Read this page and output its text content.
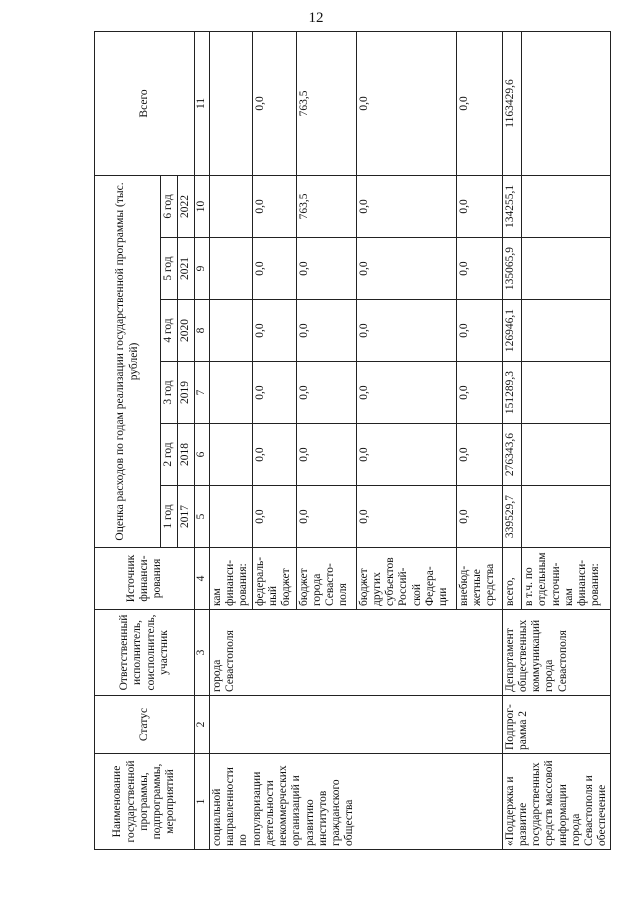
12
Наименование государственной программы, подпрограммы, мероприятий	Статус	Ответственный исполнитель, соисполнитель, участник	Источник финанси-рования	Оценка расходов по годам реализации государственной программы (тыс. рублей)						Всего
				1 год	2 год	3 год	4 год	5 год	6 год	
				2017	2018	2019	2020	2021	2022	
1	2	3	4	5	6	7	8	9	10	11
социальной направленности по популяризации деятельности некоммерческих организаций и развитию институтов гражданского общества		города Севастополя	кам финанси-рования:							
			федераль-ный бюджет	0,0	0,0	0,0	0,0	0,0	0,0	0,0
			бюджет города Севасто-поля	0,0	0,0	0,0	0,0	0,0	763,5	763,5
			бюджет других субъектов Россий-ской Федера-ции	0,0	0,0	0,0	0,0	0,0	0,0	0,0
			внебюд-жетные средства	0,0	0,0	0,0	0,0	0,0	0,0	0,0
«Поддержка и развитие государственных средств массовой информации города Севастополя и обеспечение	Подпрог-рамма 2	Департамент общественных коммуникаций города Севастополя	всего,	339529,7	276343,6	151289,3	126946,1	135065,9	134255,1	1163429,6
			в т.ч. по отдельным источни-кам финанси-рования:							
